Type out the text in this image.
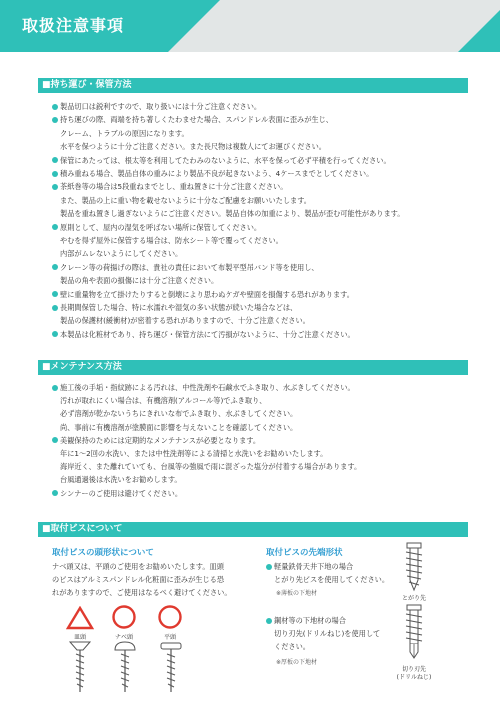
取扱注意事項
■持ち運び・保管方法
製品切口は鋭利ですので、取り扱いには十分ご注意ください。
持ち運びの際、両端を持ち著しくたわませた場合、スパンドレル表面に歪みが生じ、
クレーム、トラブルの原因になります。
水平を保つように十分ご注意ください。また長尺物は複数人にてお運びください。
保管にあたっては、根太等を利用してたわみのないように、水平を保って必ず平積を行ってください。
積み重ねる場合、製品自体の重みにより製品不良が起きないよう、4ケースまでとしてください。
茶紙巻等の場合は5段重ねまでとし、重ね置きに十分ご注意ください。
また、製品の上に重い物を載せないように十分なご配慮をお願いいたします。
製品を重ね置きし過ぎないようにご注意ください。製品自体の加重により、製品が歪む可能性があります。
原則として、屋内の湿気を呼ばない場所に保管してください。
やむを得ず屋外に保管する場合は、防水シート等で覆ってください。
内部がムレないようにしてください。
クレーン等の荷揚げの際は、貴社の責任において布製平型吊バンド等を使用し、
製品の角や表面の損傷には十分ご注意ください。
壁に重量物を立て掛けたりすると倒壊により思わぬケガや壁面を損傷する恐れがあります。
長期間保管した場合、特に水濡れや湿気の多い状態が続いた場合などは、
製品の保護材(緩衝材)が密着する恐れがありますので、十分ご注意ください。
本製品は化粧材であり、持ち運び・保管方法にて汚損がないように、十分ご注意ください。
■メンテナンス方法
施工後の手垢・指紋跡による汚れは、中性洗剤や石鹸水でふき取り、水ぶきしてください。
汚れが取れにくい場合は、有機溶剤(アルコール等)でふき取り、
必ず溶剤が乾かないうちにきれいな布でふき取り、水ぶきしてください。
尚、事前に有機溶剤が塗膜面に影響を与えないことを確認してください。
美観保持のためには定期的なメンテナンスが必要となります。
年に1～2回の水洗い、または中性洗剤等による清掃と水洗いをお勧めいたします。
海岸近く、また離れていても、台風等の強風で雨に混ざった塩分が付着する場合があります。
台風通過後は水洗いをお勧めします。
シンナーのご使用は避けてください。
■取付ビスについて
取付ビスの頭形状について
ナベ頭又は、平頭のご使用をお勧めいたします。皿頭
のビスはアルミスパンドレル化粧面に歪みが生じる恐
れがありますので、ご使用はなるべく避けてください。
皿頭	ナベ頭	平頭
取付ビスの先端形状
軽量鉄骨天井下地の場合
とがり先ビスを使用してください。
※薄板の下地材
とがり先
鋼材等の下地材の場合
切り刃先(ドリルねじ)を使用して
ください。
※厚板の下地材
切り刃先
(ドリルねじ)
